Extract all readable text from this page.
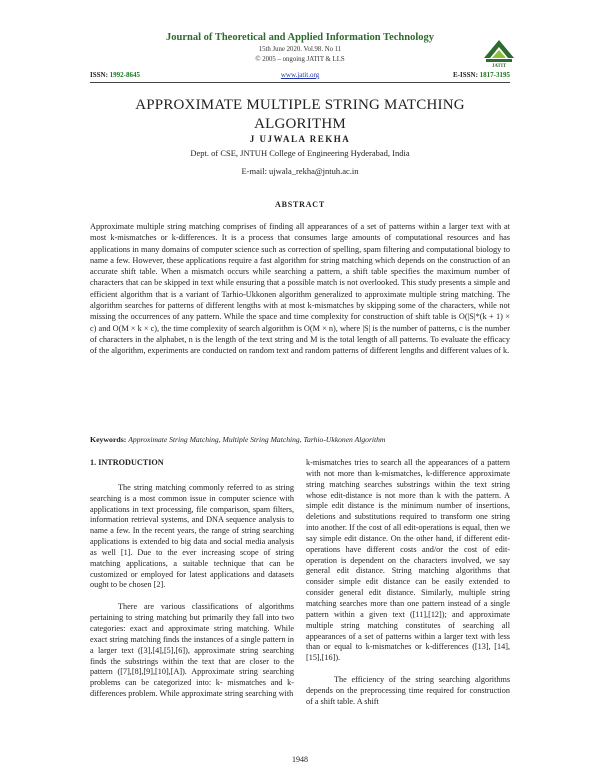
Journal of Theoretical and Applied Information Technology
15th June 2020. Vol.98. No 11
© 2005 – ongoing JATIT & LLS
JATIT
ISSN: 1992-8645	www.jatit.org	E-ISSN: 1817-3195
APPROXIMATE MULTIPLE STRING MATCHING
ALGORITHM
J UJWALA REKHA
Dept. of CSE, JNTUH College of Engineering Hyderabad, India
E-mail: ujwala_rekha@jntuh.ac.in
ABSTRACT

Approximate multiple string matching comprises of finding all appearances of a set of patterns within a larger text with at most k-mismatches or k-differences. It is a process that consumes large amounts of computational resources and has applications in many domains of computer science such as correction of spelling, spam filtering and computational biology to name a few. However, these applications require a fast algorithm for string matching which depends on the construction of an accurate shift table. When a mismatch occurs while searching a pattern, a shift table specifies the maximum number of characters that can be skipped in text while ensuring that a possible match is not overlooked. This study presents a simple and efficient algorithm that is a variant of Tarhio-Ukkonen algorithm generalized to approximate multiple string matching. The algorithm searches for patterns of different lengths with at most k-mismatches by skipping some of the characters, while not missing the occurrences of any pattern. While the space and time complexity for construction of shift table is O(|S|*(k + 1) × c) and O(M × k × c), the time complexity of search algorithm is O(M × n), where |S| is the number of patterns, c is the number of characters in the alphabet, n is the length of the text string and M is the total length of all patterns. To evaluate the efficacy of the algorithm, experiments are conducted on random text and random patterns of different lengths and different values of k.

Keywords: Approximate String Matching, Multiple String Matching, Tarhio-Ukkonen Algorithm

1. INTRODUCTION

The string matching commonly referred to as string searching is a most common issue in computer science with applications in text processing, file comparison, spam filters, information retrieval systems, and DNA sequence analysis to name a few. In the recent years, the range of string searching applications is extended to big data and social media analysis as well [1]. Due to the ever increasing scope of string matching applications, a suitable technique that can be customized or employed for latest applications and datasets ought to be chosen [2].

There are various classifications of algorithms pertaining to string matching but primarily they fall into two categories: exact and approximate string matching. While exact string matching finds the instances of a single pattern in a larger text ([3],[4],[5],[6]), approximate string searching finds the substrings within the text that are closer to the pattern ([7],[8],[9],[10],[A]). Approximate string searching problems can be categorized into: k- mismatches and k-differences problem. While approximate string searching with

k-mismatches tries to search all the appearances of a pattern with not more than k-mismatches, k-difference approximate string matching searches substrings within the text string whose edit-distance is not more than k with the pattern. A simple edit distance is the minimum number of insertions, deletions and substitutions required to transform one string into another. If the cost of all edit-operations is equal, then we say simple edit distance. On the other hand, if different edit-operations have different costs and/or the cost of edit-operation is dependent on the characters involved, we say general edit distance. String matching algorithms that consider simple edit distance can be easily extended to consider general edit distance. Similarly, multiple string matching searches more than one pattern instead of a single pattern within a given text ([11],[12]); and approximate multiple string matching constitutes of searching all appearances of a set of patterns within a larger text with less than or equal to k-mismatches or k-differences ([13], [14],[15],[16]).

The efficiency of the string searching algorithms depends on the preprocessing time required for construction of a shift table. A shift

1948
